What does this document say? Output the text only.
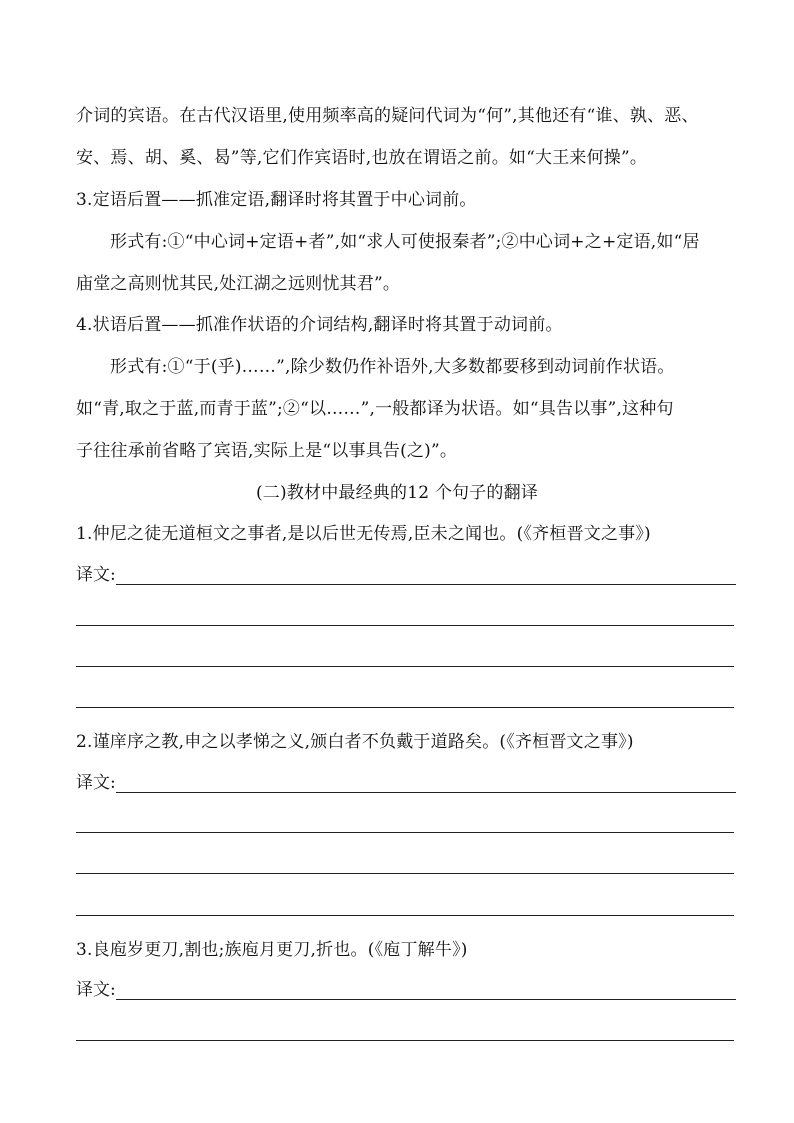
介词的宾语。在古代汉语里,使用频率高的疑问代词为“何”,其他还有“谁、孰、恶、
安、焉、胡、奚、曷”等,它们作宾语时,也放在谓语之前。如“大王来何操”。
3.定语后置——抓准定语,翻译时将其置于中心词前。
形式有:①“中心词+定语+者”,如“求人可使报秦者”;②中心词+之+定语,如“居
庙堂之高则忧其民,处江湖之远则忧其君”。
4.状语后置——抓准作状语的介词结构,翻译时将其置于动词前。
形式有:①“于(乎)……”,除少数仍作补语外,大多数都要移到动词前作状语。
如“青,取之于蓝,而青于蓝”;②“以……”,一般都译为状语。如“具告以事”,这种句
子往往承前省略了宾语,实际上是“以事具告(之)”。
(二)教材中最经典的12 个句子的翻译
1.仲尼之徒无道桓文之事者,是以后世无传焉,臣未之闻也。(《齐桓晋文之事》)
译文:
2.谨庠序之教,申之以孝悌之义,颁白者不负戴于道路矣。(《齐桓晋文之事》)
译文:
3.良庖岁更刀,割也;族庖月更刀,折也。(《庖丁解牛》)
译文:
